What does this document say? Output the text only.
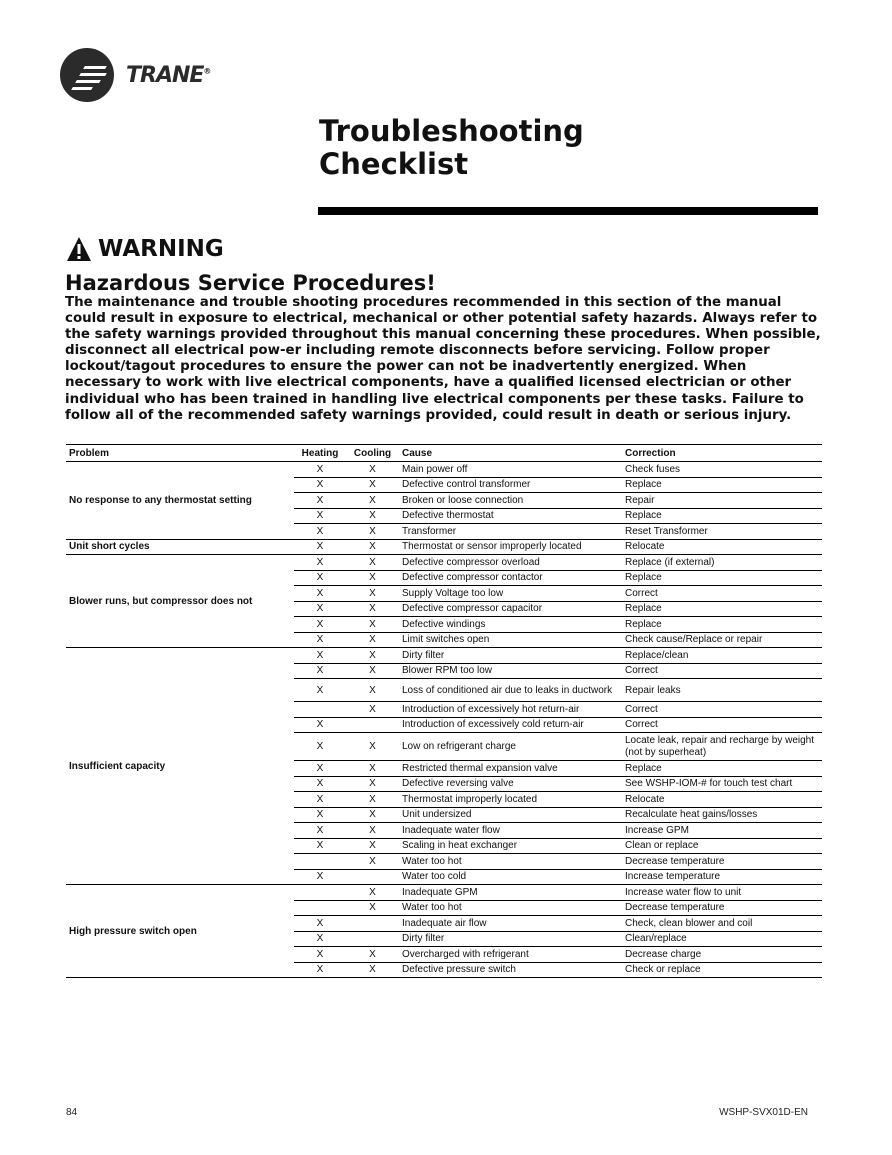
TRANE®
Troubleshooting
Checklist
WARNING
Hazardous Service Procedures!
The maintenance and trouble shooting procedures recommended in this section of the manual could result in exposure to electrical, mechanical or other potential safety hazards. Always refer to the safety warnings provided throughout this manual concerning these procedures. When possible, disconnect all electrical pow-er including remote disconnects before servicing. Follow proper lockout/tagout procedures to ensure the power can not be inadvertently energized. When necessary to work with live electrical components, have a qualified licensed electrician or other individual who has been trained in handling live electrical components per these tasks. Failure to follow all of the recommended safety warnings provided, could result in death or serious injury.
Problem	Heating	Cooling	Cause	Correction
No response to any thermostat setting	X	X	Main power off	Check fuses
	X	X	Defective control transformer	Replace
	X	X	Broken or loose connection	Repair
	X	X	Defective thermostat	Replace
	X	X	Transformer	Reset Transformer
Unit short cycles	X	X	Thermostat or sensor improperly located	Relocate
Blower runs, but compressor does not	X	X	Defective compressor overload	Replace (if external)
	X	X	Defective compressor contactor	Replace
	X	X	Supply Voltage too low	Correct
	X	X	Defective compressor capacitor	Replace
	X	X	Defective windings	Replace
	X	X	Limit switches open	Check cause/Replace or repair
Insufficient capacity	X	X	Dirty filter	Replace/clean
	X	X	Blower RPM too low	Correct
	X	X	Loss of conditioned air due to leaks in ductwork	Repair leaks
		X	Introduction of excessively hot return-air	Correct
	X		Introduction of excessively cold return-air	Correct
	X	X	Low on refrigerant charge	Locate leak, repair and recharge by weight (not by superheat)
	X	X	Restricted thermal expansion valve	Replace
	X	X	Defective reversing valve	See WSHP-IOM-# for touch test chart
	X	X	Thermostat improperly located	Relocate
	X	X	Unit undersized	Recalculate heat gains/losses
	X	X	Inadequate water flow	Increase GPM
	X	X	Scaling in heat exchanger	Clean or replace
		X	Water too hot	Decrease temperature
	X		Water too cold	Increase temperature
High pressure switch open		X	Inadequate GPM	Increase water flow to unit
		X	Water too hot	Decrease temperature
	X		Inadequate air flow	Check, clean blower and coil
	X		Dirty filter	Clean/replace
	X	X	Overcharged with refrigerant	Decrease charge
	X	X	Defective pressure switch	Check or replace
84	WSHP-SVX01D-EN
